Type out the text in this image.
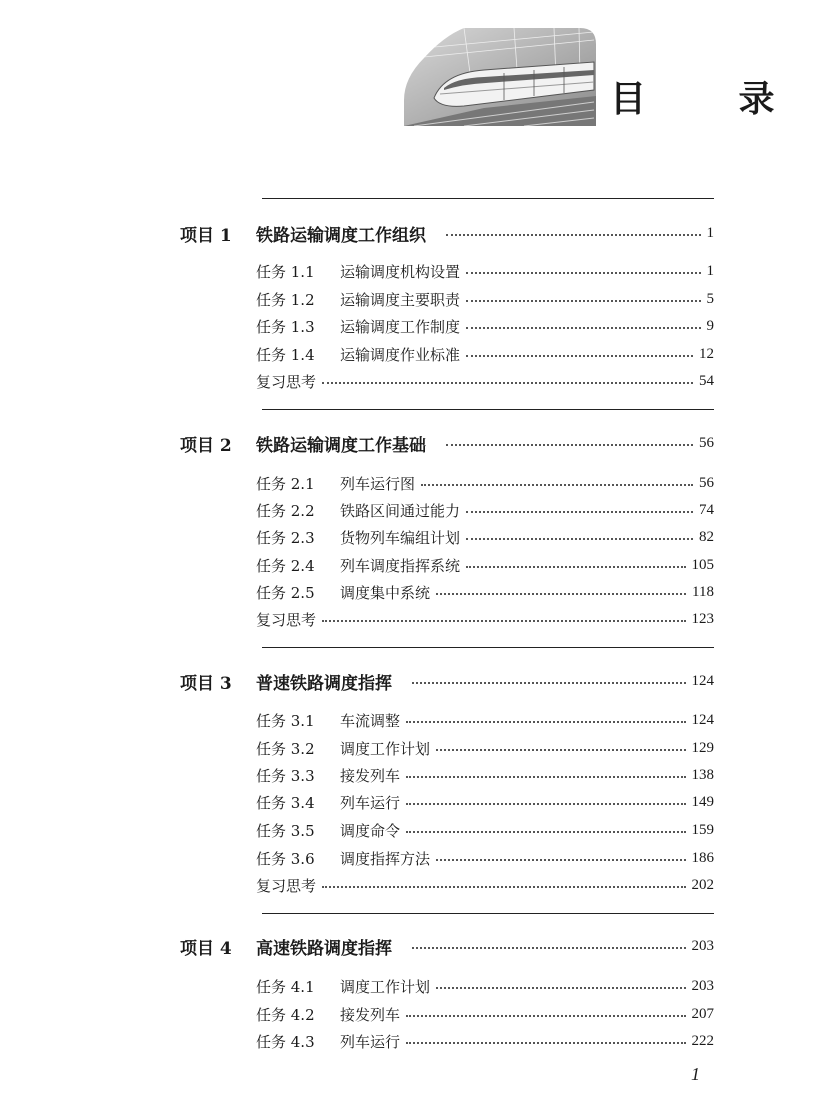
目 录
项目 1	铁路运输调度工作组织	1
任务 1.1	运输调度机构设置	1
任务 1.2	运输调度主要职责	5
任务 1.3	运输调度工作制度	9
任务 1.4	运输调度作业标准	12
复习思考	54
项目 2	铁路运输调度工作基础	56
任务 2.1	列车运行图	56
任务 2.2	铁路区间通过能力	74
任务 2.3	货物列车编组计划	82
任务 2.4	列车调度指挥系统	105
任务 2.5	调度集中系统	118
复习思考	123
项目 3	普速铁路调度指挥	124
任务 3.1	车流调整	124
任务 3.2	调度工作计划	129
任务 3.3	接发列车	138
任务 3.4	列车运行	149
任务 3.5	调度命令	159
任务 3.6	调度指挥方法	186
复习思考	202
项目 4	高速铁路调度指挥	203
任务 4.1	调度工作计划	203
任务 4.2	接发列车	207
任务 4.3	列车运行	222
1
